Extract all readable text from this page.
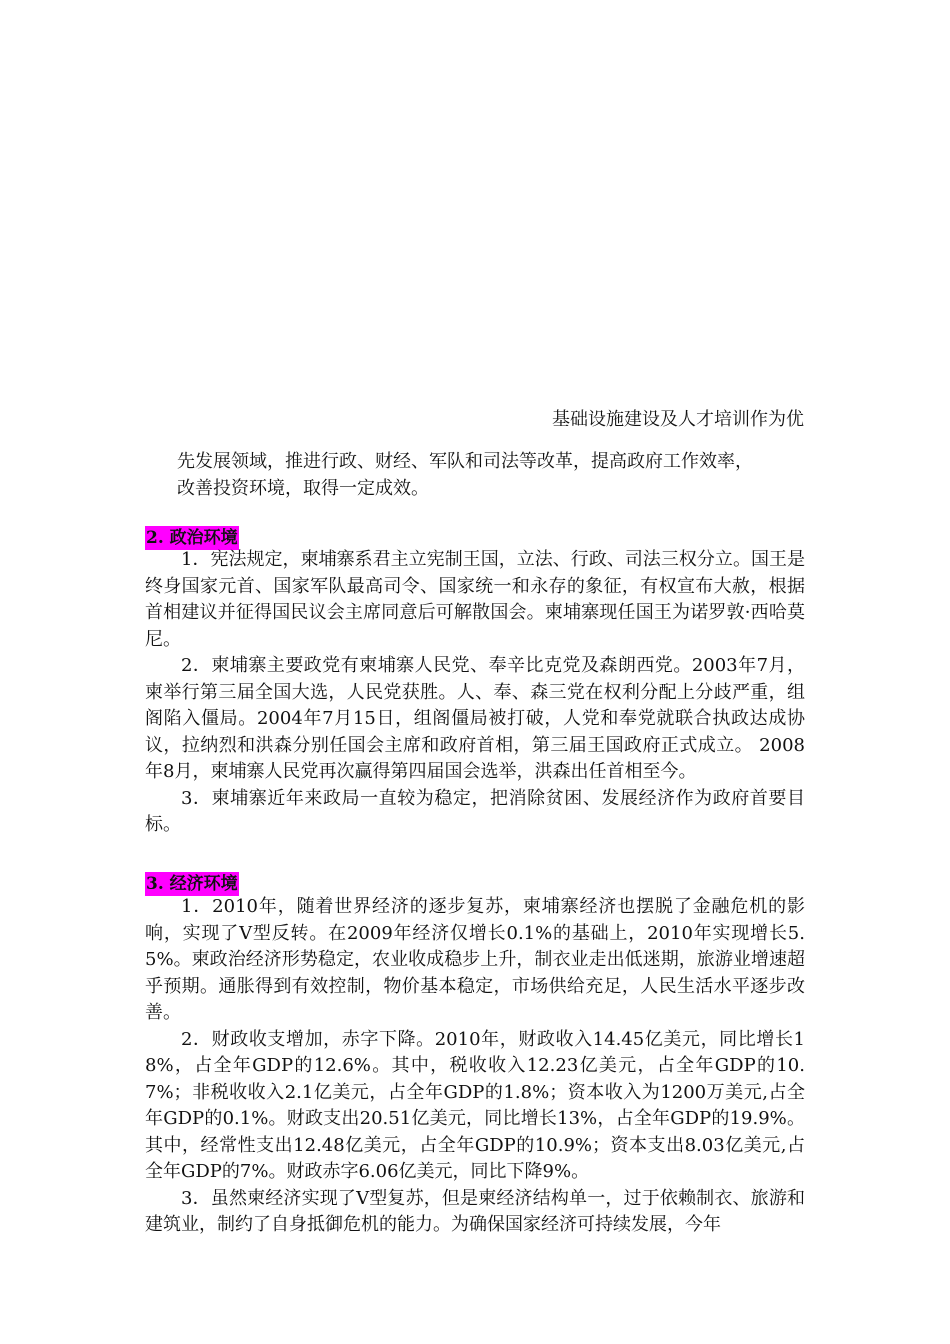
基础设施建设及人才培训作为优
先发展领域，推进行政、财经、军队和司法等改革，提高政府工作效率，
改善投资环境，取得一定成效。
2. 政治环境

1．宪法规定，柬埔寨系君主立宪制王国，立法、行政、司法三权分立。国王是终身国家元首、国家军队最高司令、国家统一和永存的象征，有权宣布大赦，根据首相建议并征得国民议会主席同意后可解散国会。柬埔寨现任国王为诺罗敦·西哈莫尼。

2．柬埔寨主要政党有柬埔寨人民党、奉辛比克党及森朗西党。2003年7月，柬举行第三届全国大选，人民党获胜。人、奉、森三党在权利分配上分歧严重，组阁陷入僵局。2004年7月15日，组阁僵局被打破，人党和奉党就联合执政达成协议，拉纳烈和洪森分别任国会主席和政府首相，第三届王国政府正式成立。 2008年8月，柬埔寨人民党再次赢得第四届国会选举，洪森出任首相至今。

3．柬埔寨近年来政局一直较为稳定，把消除贫困、发展经济作为政府首要目标。

3. 经济环境

1．2010年，随着世界经济的逐步复苏，柬埔寨经济也摆脱了金融危机的影响，实现了V型反转。在2009年经济仅增长0.1%的基础上，2010年实现增长5.5%。柬政治经济形势稳定，农业收成稳步上升，制衣业走出低迷期，旅游业增速超乎预期。通胀得到有效控制，物价基本稳定，市场供给充足，人民生活水平逐步改善。

2．财政收支增加，赤字下降。2010年，财政收入14.45亿美元，同比增长18%，占全年GDP的12.6%。其中，税收收入12.23亿美元，占全年GDP的10.7%；非税收收入2.1亿美元，占全年GDP的1.8%；资本收入为1200万美元,占全年GDP的0.1%。财政支出20.51亿美元，同比增长13%，占全年GDP的19.9%。其中，经常性支出12.48亿美元，占全年GDP的10.9%；资本支出8.03亿美元,占全年GDP的7%。财政赤字6.06亿美元，同比下降9%。

3．虽然柬经济实现了V型复苏，但是柬经济结构单一，过于依赖制衣、旅游和建筑业，制约了自身抵御危机的能力。为确保国家经济可持续发展，今年
